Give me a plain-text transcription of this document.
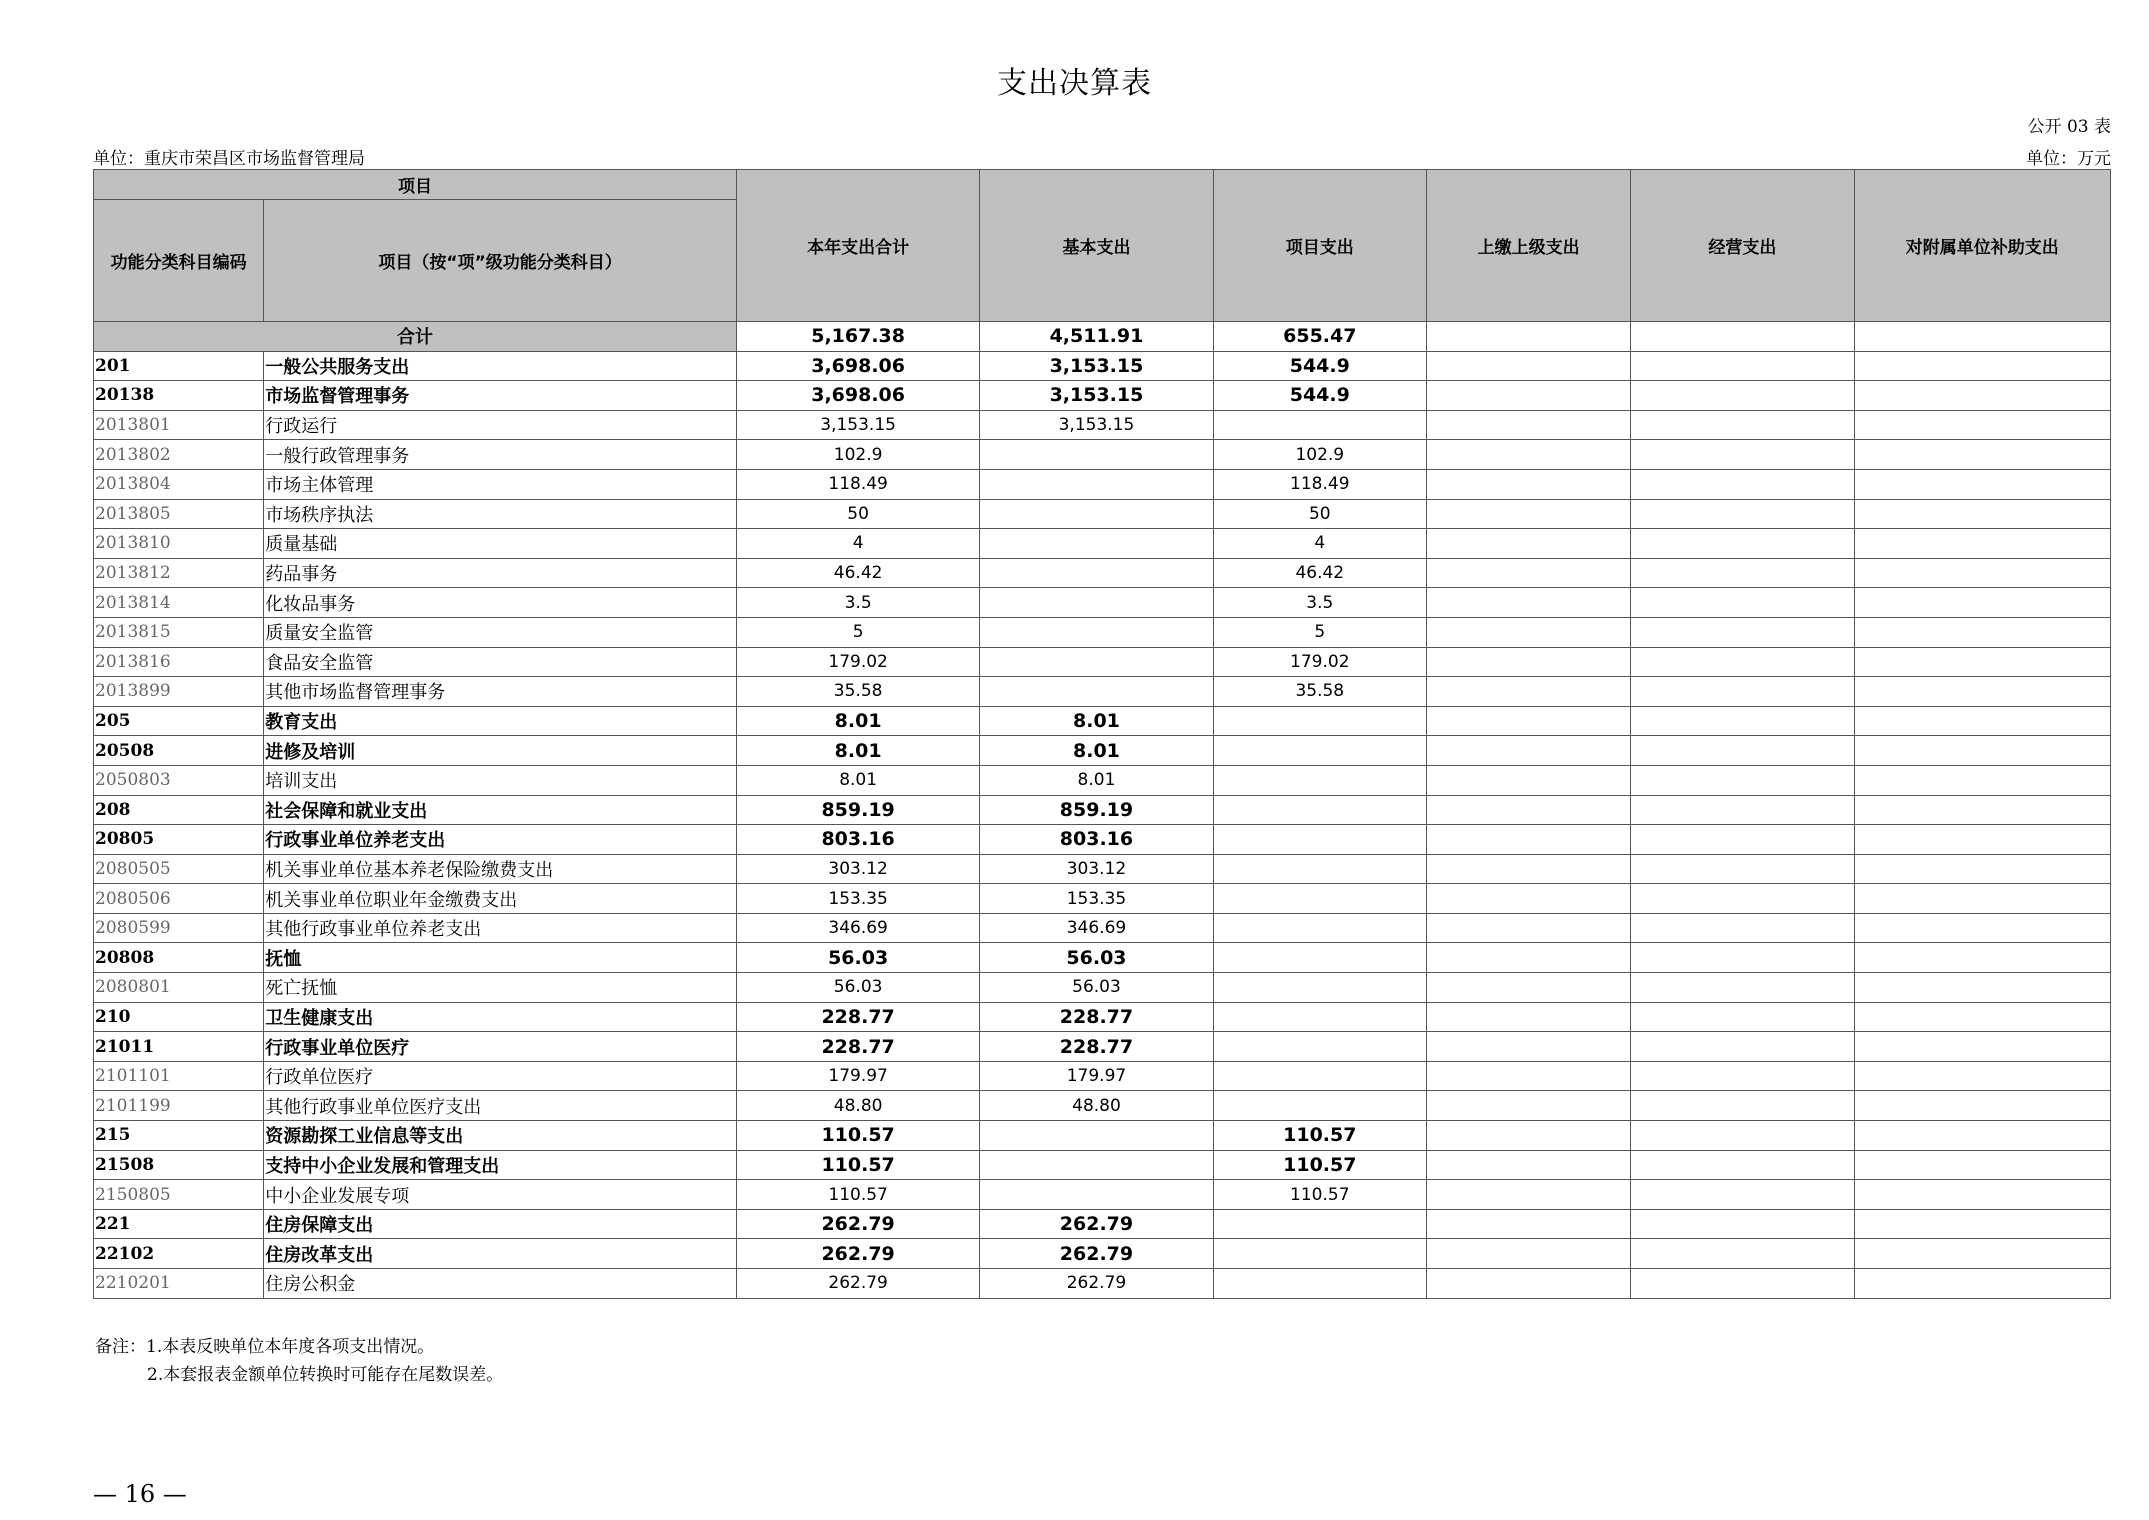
支出决算表
公开 03 表
单位：重庆市荣昌区市场监督管理局	单位：万元
项目		本年支出合计	基本支出	项目支出	上缴上级支出	经营支出	对附属单位补助支出
功能分类科目编码	项目（按“项”级功能分类科目）						
合计		5,167.38	4,511.91	655.47			
201	一般公共服务支出	3,698.06	3,153.15	544.9			
20138	市场监督管理事务	3,698.06	3,153.15	544.9			
2013801	行政运行	3,153.15	3,153.15				
2013802	一般行政管理事务	102.9		102.9			
2013804	市场主体管理	118.49		118.49			
2013805	市场秩序执法	50		50			
2013810	质量基础	4		4			
2013812	药品事务	46.42		46.42			
2013814	化妆品事务	3.5		3.5			
2013815	质量安全监管	5		5			
2013816	食品安全监管	179.02		179.02			
2013899	其他市场监督管理事务	35.58		35.58			
205	教育支出	8.01	8.01				
20508	进修及培训	8.01	8.01				
2050803	培训支出	8.01	8.01				
208	社会保障和就业支出	859.19	859.19				
20805	行政事业单位养老支出	803.16	803.16				
2080505	机关事业单位基本养老保险缴费支出	303.12	303.12				
2080506	机关事业单位职业年金缴费支出	153.35	153.35				
2080599	其他行政事业单位养老支出	346.69	346.69				
20808	抚恤	56.03	56.03				
2080801	死亡抚恤	56.03	56.03				
210	卫生健康支出	228.77	228.77				
21011	行政事业单位医疗	228.77	228.77				
2101101	行政单位医疗	179.97	179.97				
2101199	其他行政事业单位医疗支出	48.80	48.80				
215	资源勘探工业信息等支出	110.57		110.57			
21508	支持中小企业发展和管理支出	110.57		110.57			
2150805	中小企业发展专项	110.57		110.57			
221	住房保障支出	262.79	262.79				
22102	住房改革支出	262.79	262.79				
2210201	住房公积金	262.79	262.79				
备注：1.本表反映单位本年度各项支出情况。
2.本套报表金额单位转换时可能存在尾数误差。
— 16 —
